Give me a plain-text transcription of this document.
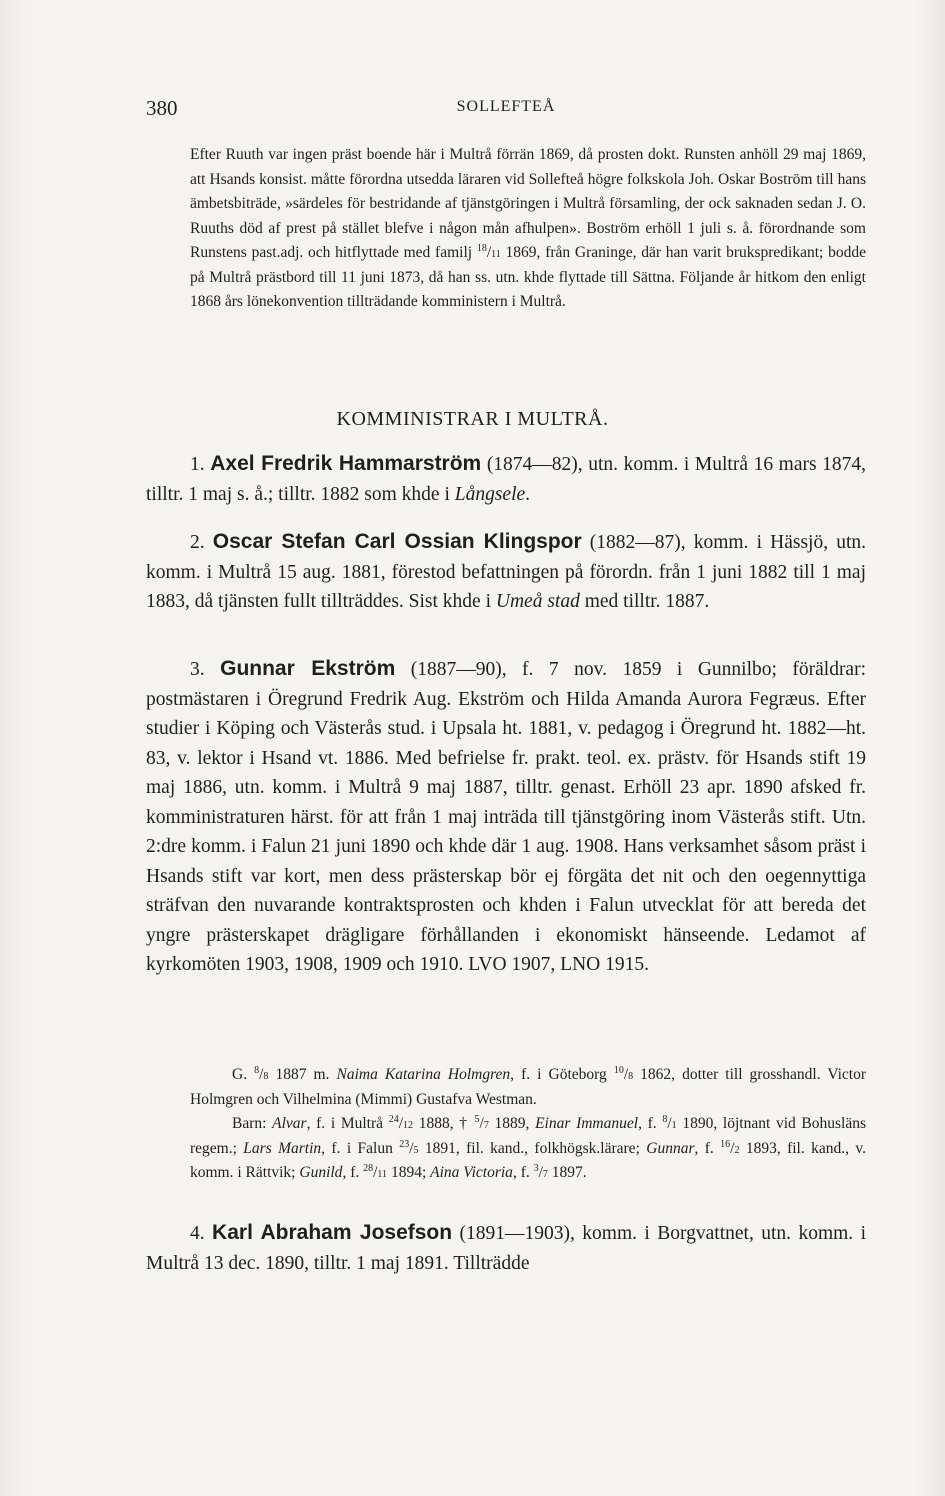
380	SOLLEFTEÅ

Efter Ruuth var ingen präst boende här i Multrå förrän 1869, då prosten dokt. Runsten anhöll 29 maj 1869, att Hsands konsist. måtte förordna utsedda läraren vid Sollefteå högre folkskola Joh. Oskar Boström till hans ämbetsbiträde, »särdeles för bestridande af tjänstgöringen i Multrå församling, der ock saknaden sedan J. O. Ruuths död af prest på stället blefve i någon mån afhulpen». Boström erhöll 1 juli s. å. förordnande som Runstens past.adj. och hitflyttade med familj $^{18}$/11 1869, från Graninge, där han varit brukspredikant; bodde på Multrå prästbord till 11 juni 1873, då han ss. utn. khde flyttade till Sättna. Följande år hitkom den enligt 1868 års lönekonvention tillträdande komministern i Multrå.

KOMMINISTRAR I MULTRÅ.

1. Axel Fredrik Hammarström (1874—82), utn. komm. i Multrå 16 mars 1874, tilltr. 1 maj s. å.; tilltr. 1882 som khde i Långsele.

2. Oscar Stefan Carl Ossian Klingspor (1882—87), komm. i Hässjö, utn. komm. i Multrå 15 aug. 1881, förestod befattningen på förordn. från 1 juni 1882 till 1 maj 1883, då tjänsten fullt tillträddes. Sist khde i Umeå stad med tilltr. 1887.

3. Gunnar Ekström (1887—90), f. 7 nov. 1859 i Gunnilbo; föräldrar: postmästaren i Öregrund Fredrik Aug. Ekström och Hilda Amanda Aurora Fegræus. Efter studier i Köping och Västerås stud. i Upsala ht. 1881, v. pedagog i Öregrund ht. 1882—ht. 83, v. lektor i Hsand vt. 1886. Med befrielse fr. prakt. teol. ex. prästv. för Hsands stift 19 maj 1886, utn. komm. i Multrå 9 maj 1887, tilltr. genast. Erhöll 23 apr. 1890 afsked fr. komministraturen härst. för att från 1 maj inträda till tjänstgöring inom Västerås stift. Utn. 2:dre komm. i Falun 21 juni 1890 och khde där 1 aug. 1908. Hans verksamhet såsom präst i Hsands stift var kort, men dess prästerskap bör ej förgäta det nit och den oegennyttiga sträfvan den nuvarande kontraktsprosten och khden i Falun utvecklat för att bereda det yngre prästerskapet drägligare förhållanden i ekonomiskt hänseende. Ledamot af kyrkomöten 1903, 1908, 1909 och 1910. LVO 1907, LNO 1915.

G. $^8$/8 1887 m. Naima Katarina Holmgren, f. i Göteborg $^{10}$/8 1862, dotter till grosshandl. Victor Holmgren och Vilhelmina (Mimmi) Gustafva Westman.

Barn: Alvar, f. i Multrå $^{24}$/12 1888, † $^5$/7 1889, Einar Immanuel, f. $^8$/1 1890, löjtnant vid Bohusläns regem.; Lars Martin, f. i Falun $^{23}$/5 1891, fil. kand., folkhögsk.lärare; Gunnar, f. $^{16}$/2 1893, fil. kand., v. komm. i Rättvik; Gunild, f. $^{28}$/11 1894; Aina Victoria, f. $^3$/7 1897.

4. Karl Abraham Josefson (1891—1903), komm. i Borgvattnet, utn. komm. i Multrå 13 dec. 1890, tilltr. 1 maj 1891. Tillträdde
